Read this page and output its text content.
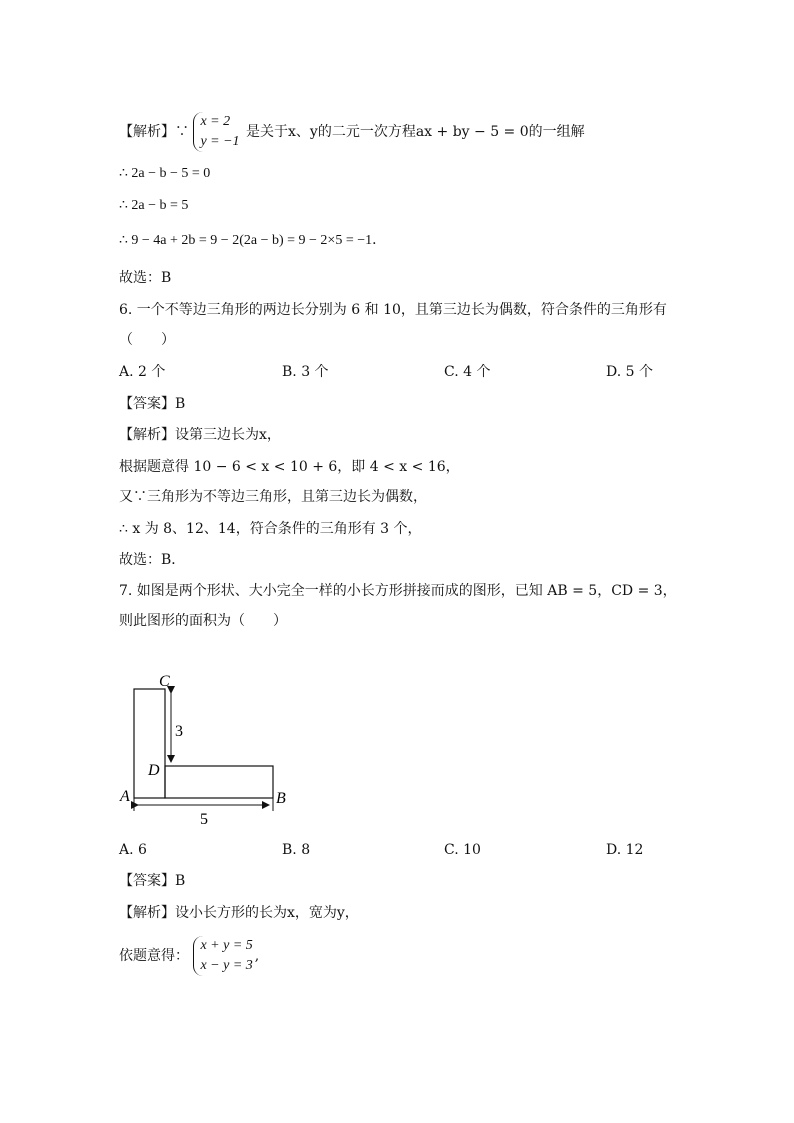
【解析】∵
x = 2
y = −1
是关于x、y的二元一次方程ax + by − 5 = 0的一组解
∴ 2a − b − 5 = 0
∴ 2a − b = 5
∴ 9 − 4a + 2b = 9 − 2(2a − b) = 9 − 2×5 = −1．
故选：B
6. 一个不等边三角形的两边长分别为 6 和 10，且第三边长为偶数，符合条件的三角形有
（　　）
A. 2 个	B. 3 个	C. 4 个	D. 5 个
【答案】B
【解析】设第三边长为x，
根据题意得 10 − 6 < x < 10 + 6，即 4 < x < 16，
又∵三角形为不等边三角形，且第三边长为偶数，
∴ x 为 8、12、14，符合条件的三角形有 3 个，
故选：B．
7. 如图是两个形状、大小完全一样的小长方形拼接而成的图形，已知 AB = 5，CD = 3，
则此图形的面积为（　　）
C
D
A	B
3
5
A. 6	B. 8	C. 10	D. 12
【答案】B
【解析】设小长方形的长为x，宽为y，
依题意得：
x + y = 5
x − y = 3
,
